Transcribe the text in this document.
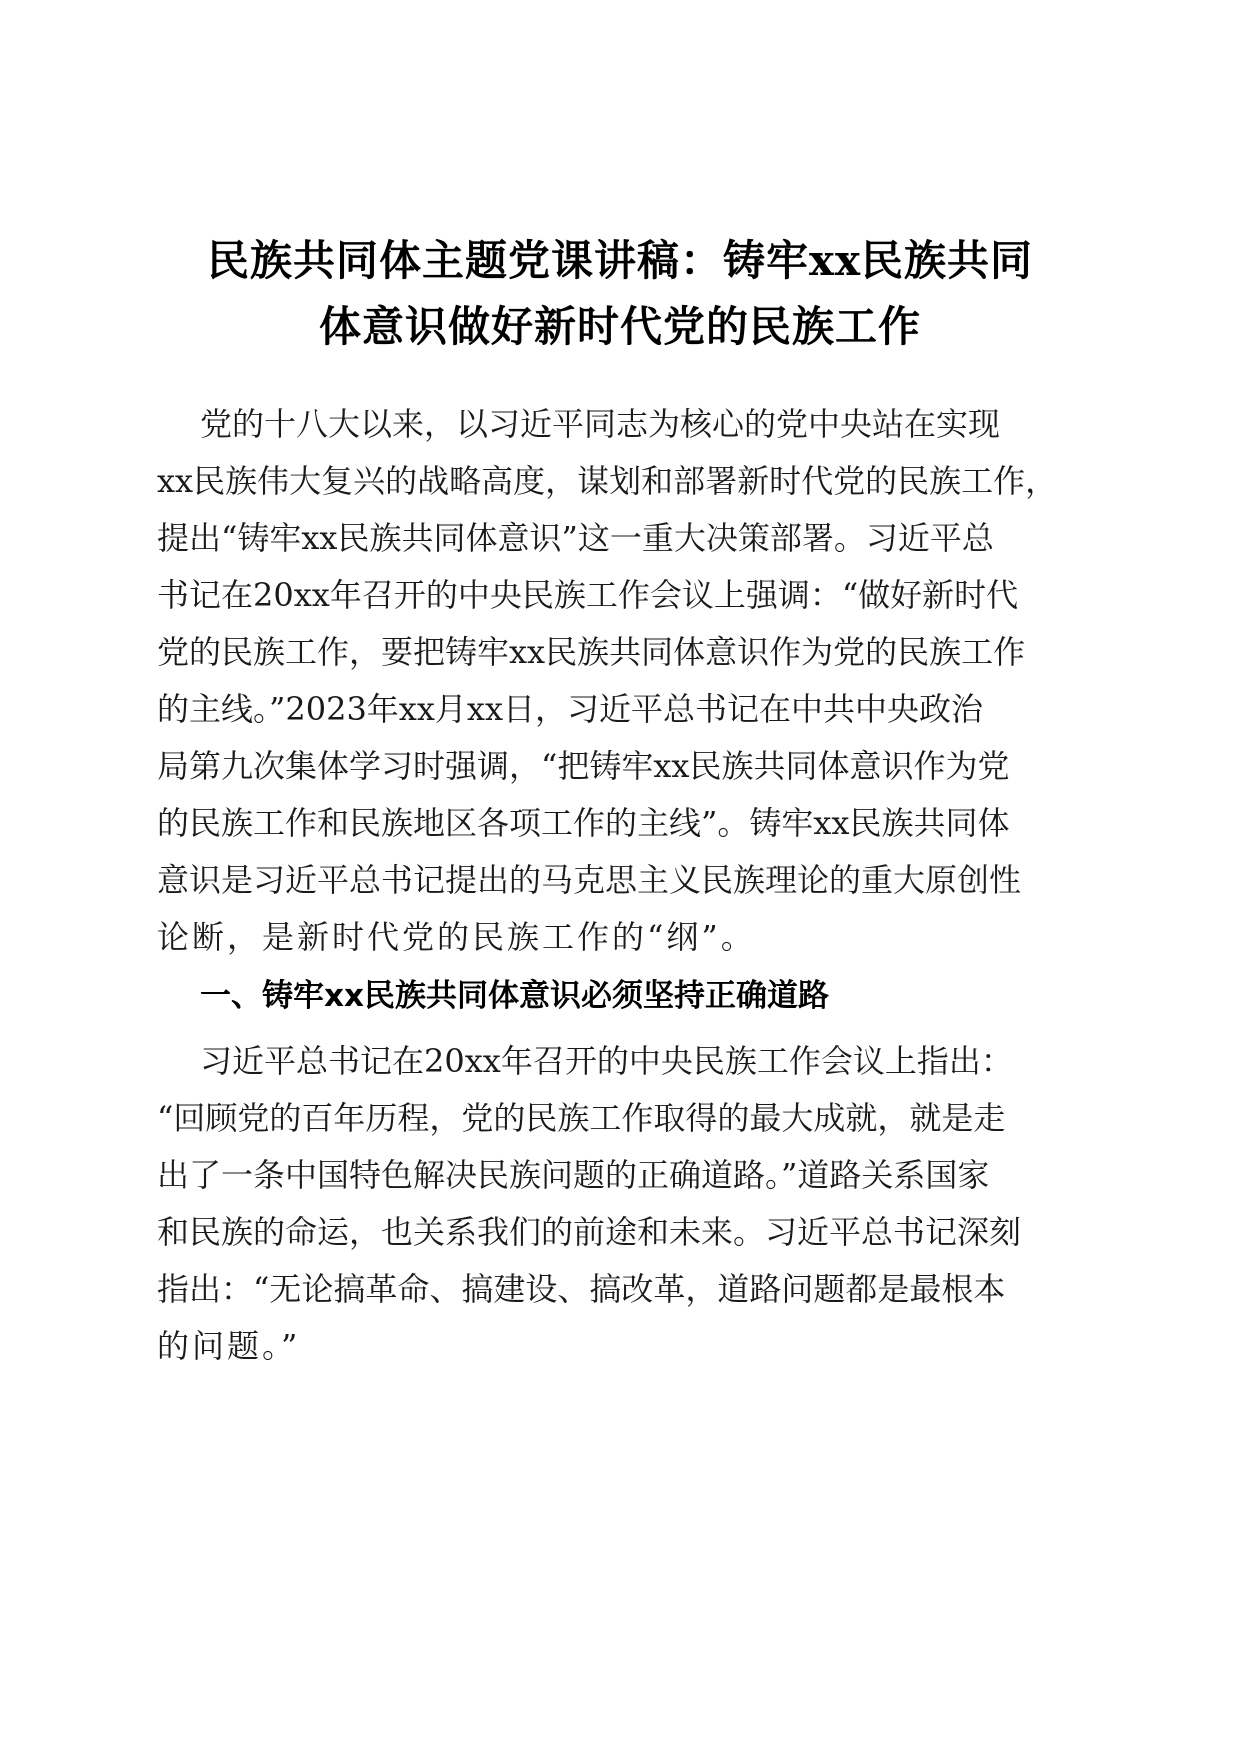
民族共同体主题党课讲稿：铸牢xx民族共同
体意识做好新时代党的民族工作
党的十八大以来，以习近平同志为核心的党中央站在实现
xx民族伟大复兴的战略高度，谋划和部署新时代党的民族工作，
提出“铸牢xx民族共同体意识”这一重大决策部署。习近平总
书记在20xx年召开的中央民族工作会议上强调：“做好新时代
党的民族工作，要把铸牢xx民族共同体意识作为党的民族工作
的主线。”2023年xx月xx日，习近平总书记在中共中央政治
局第九次集体学习时强调，“把铸牢xx民族共同体意识作为党
的民族工作和民族地区各项工作的主线”。铸牢xx民族共同体
意识是习近平总书记提出的马克思主义民族理论的重大原创性
论断，是新时代党的民族工作的“纲”。
一、铸牢xx民族共同体意识必须坚持正确道路
习近平总书记在20xx年召开的中央民族工作会议上指出：
“回顾党的百年历程，党的民族工作取得的最大成就，就是走
出了一条中国特色解决民族问题的正确道路。”道路关系国家
和民族的命运，也关系我们的前途和未来。习近平总书记深刻
指出：“无论搞革命、搞建设、搞改革，道路问题都是最根本
的问题。”
